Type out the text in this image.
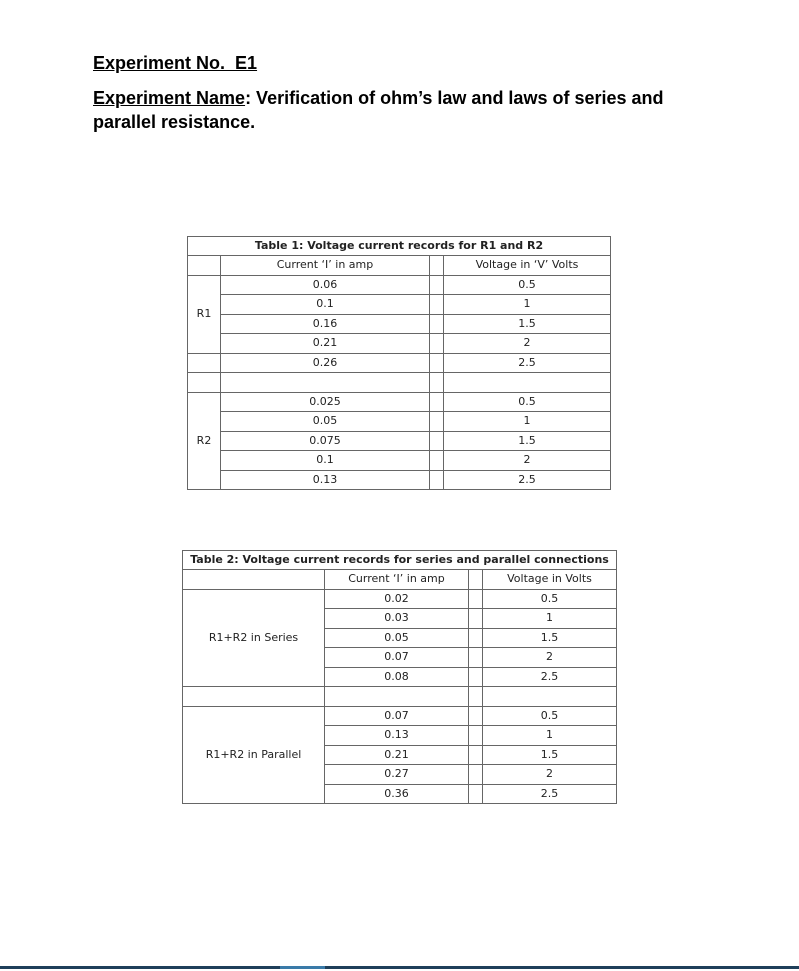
Experiment No.  E1
Experiment Name: Verification of ohm’s law and laws of series and parallel resistance.
Table 1: Voltage current records for R1 and R2			
	Current ‘I’ in amp		Voltage in ‘V’ Volts
R1	0.06		0.5
	0.1		1
	0.16		1.5
	0.21		2
	0.26		2.5

R2	0.025		0.5
	0.05		1
	0.075		1.5
	0.1		2
	0.13		2.5
Table 2: Voltage current records for series and parallel connections			
	Current ‘I’ in amp		Voltage in Volts
R1+R2 in Series	0.02		0.5
	0.03		1
	0.05		1.5
	0.07		2
	0.08		2.5

R1+R2 in Parallel	0.07		0.5
	0.13		1
	0.21		1.5
	0.27		2
	0.36		2.5
